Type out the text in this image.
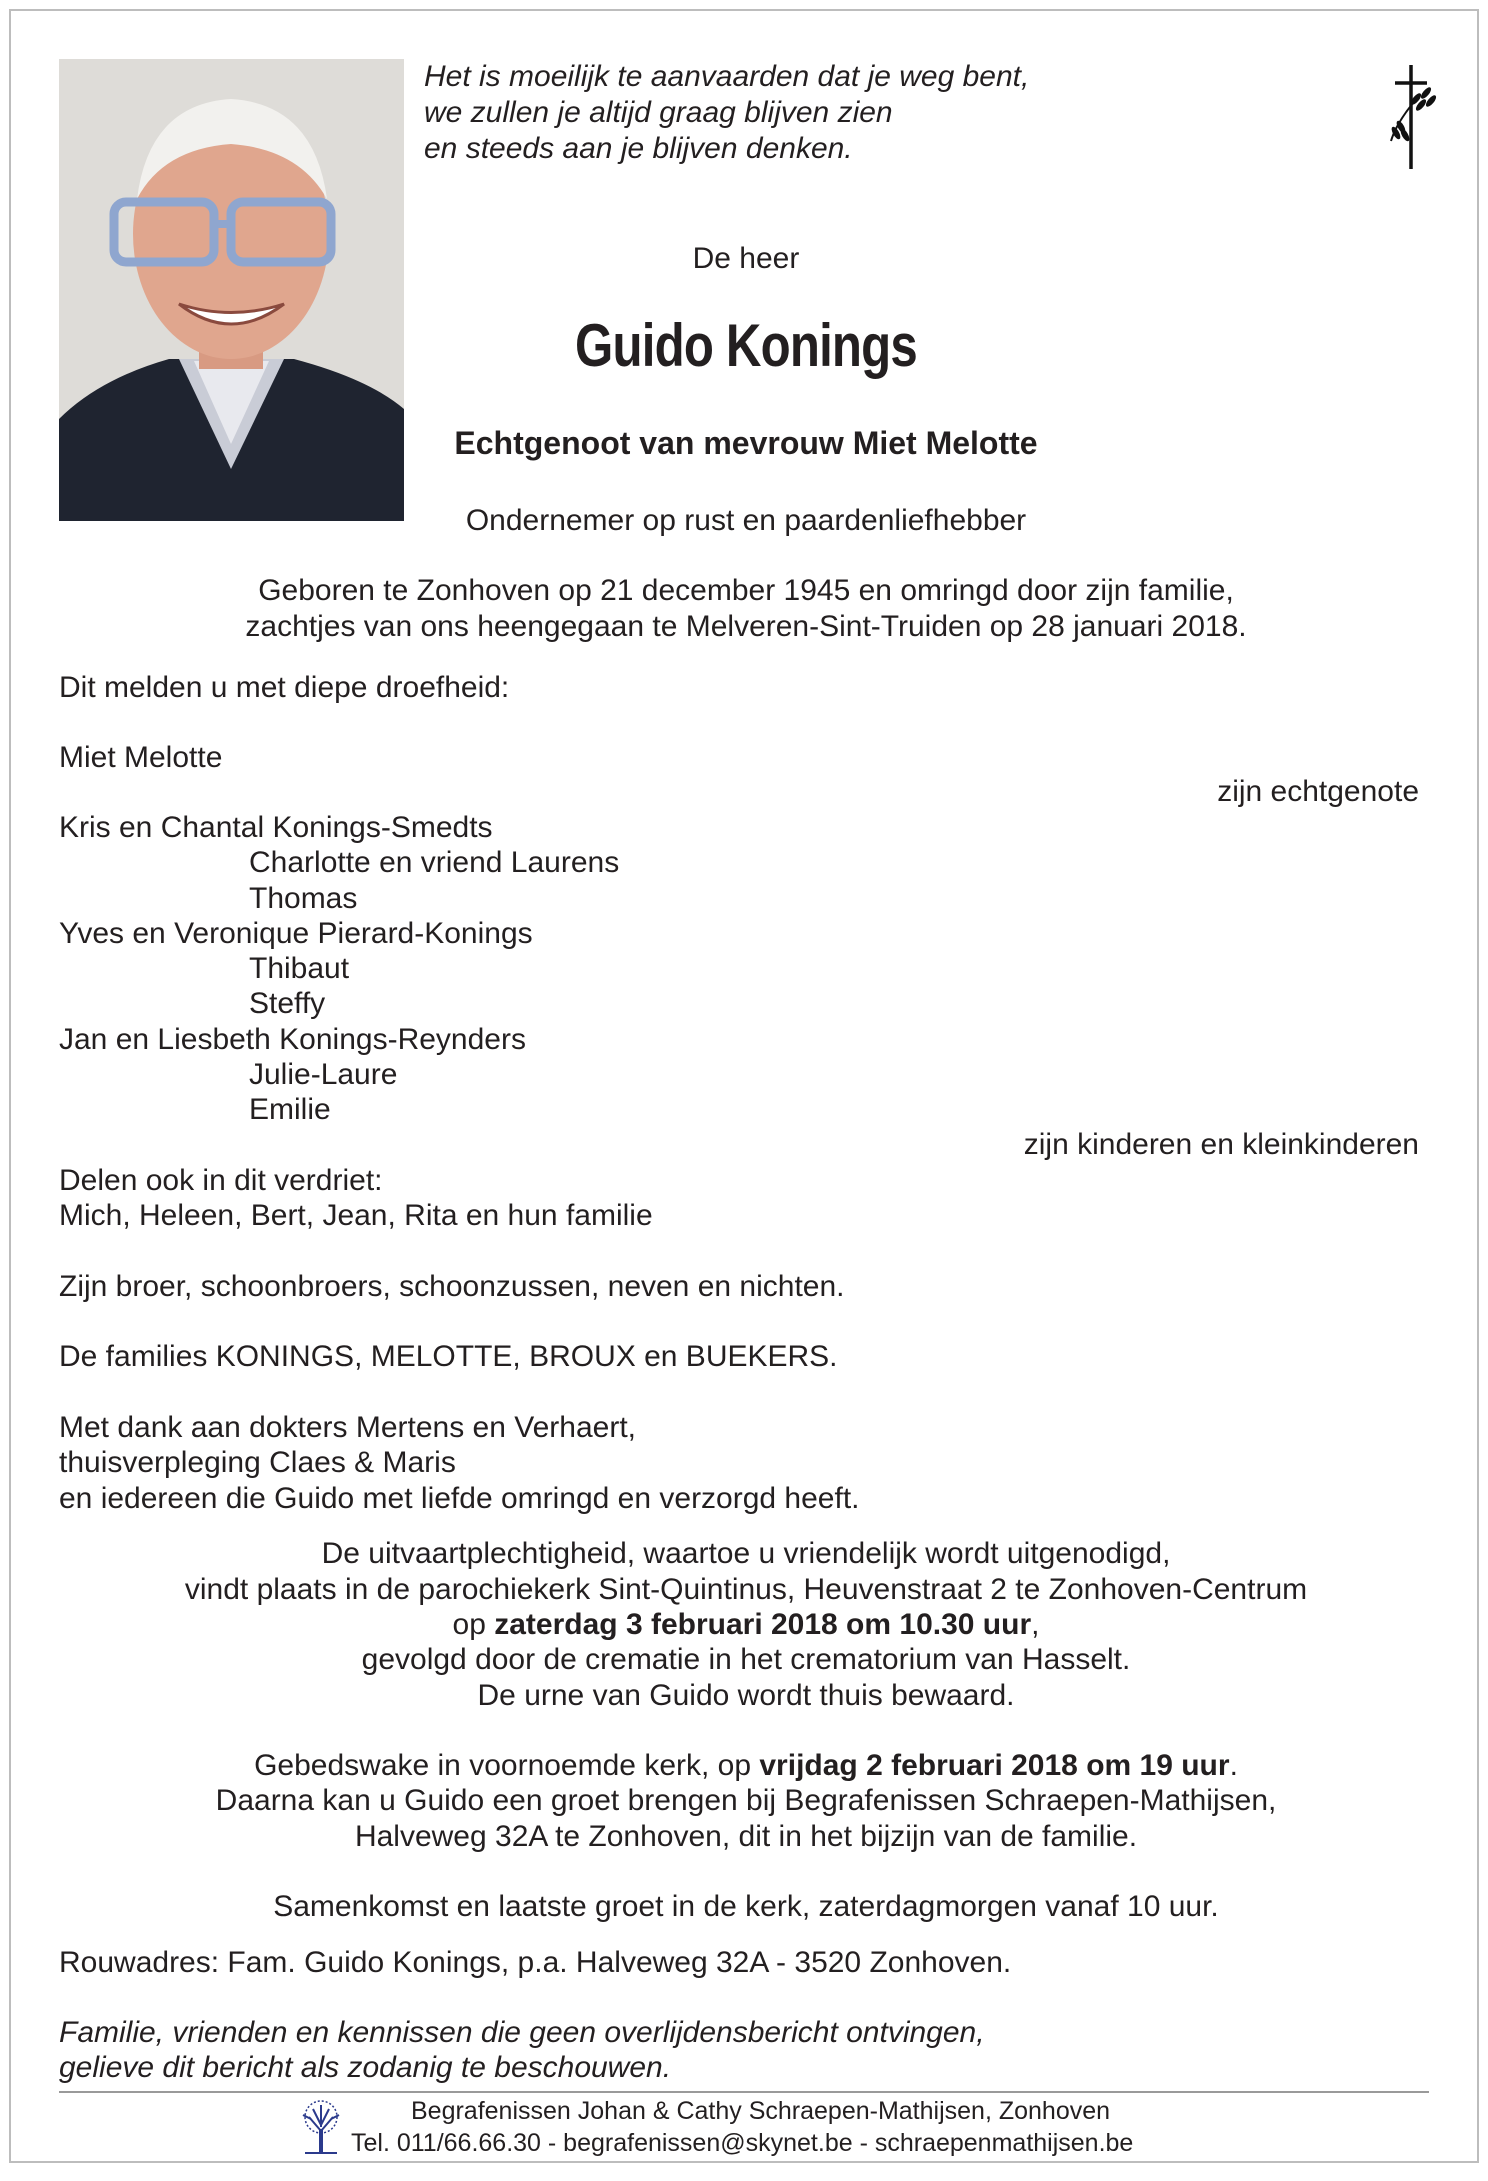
Het is moeilijk te aanvaarden dat je weg bent,
we zullen je altijd graag blijven zien
en steeds aan je blijven denken.
De heer
Guido Konings
Echtgenoot van mevrouw Miet Melotte
Ondernemer op rust en paardenliefhebber
Geboren te Zonhoven op 21 december 1945 en omringd door zijn familie,
zachtjes van ons heengegaan te Melveren-Sint-Truiden op 28 januari 2018.
Dit melden u met diepe droefheid:
Miet Melotte
zijn echtgenote
Kris en Chantal Konings-Smedts
Charlotte en vriend Laurens
Thomas
Yves en Veronique Pierard-Konings
Thibaut
Steffy
Jan en Liesbeth Konings-Reynders
Julie-Laure
Emilie
zijn kinderen en kleinkinderen
Delen ook in dit verdriet:
Mich, Heleen, Bert, Jean, Rita en hun familie
Zijn broer, schoonbroers, schoonzussen, neven en nichten.
De families KONINGS, MELOTTE, BROUX en BUEKERS.
Met dank aan dokters Mertens en Verhaert,
thuisverpleging Claes & Maris
en iedereen die Guido met liefde omringd en verzorgd heeft.
De uitvaartplechtigheid, waartoe u vriendelijk wordt uitgenodigd,
vindt plaats in de parochiekerk Sint-Quintinus, Heuvenstraat 2 te Zonhoven-Centrum
op zaterdag 3 februari 2018 om 10.30 uur,
gevolgd door de crematie in het crematorium van Hasselt.
De urne van Guido wordt thuis bewaard.
Gebedswake in voornoemde kerk, op vrijdag 2 februari 2018 om 19 uur.
Daarna kan u Guido een groet brengen bij Begrafenissen Schraepen-Mathijsen,
Halveweg 32A te Zonhoven, dit in het bijzijn van de familie.
Samenkomst en laatste groet in de kerk, zaterdagmorgen vanaf 10 uur.
Rouwadres: Fam. Guido Konings, p.a. Halveweg 32A - 3520 Zonhoven.
Familie, vrienden en kennissen die geen overlijdensbericht ontvingen,
gelieve dit bericht als zodanig te beschouwen.
Begrafenissen Johan & Cathy Schraepen-Mathijsen, Zonhoven
Tel. 011/66.66.30 - begrafenissen@skynet.be - schraepenmathijsen.be
